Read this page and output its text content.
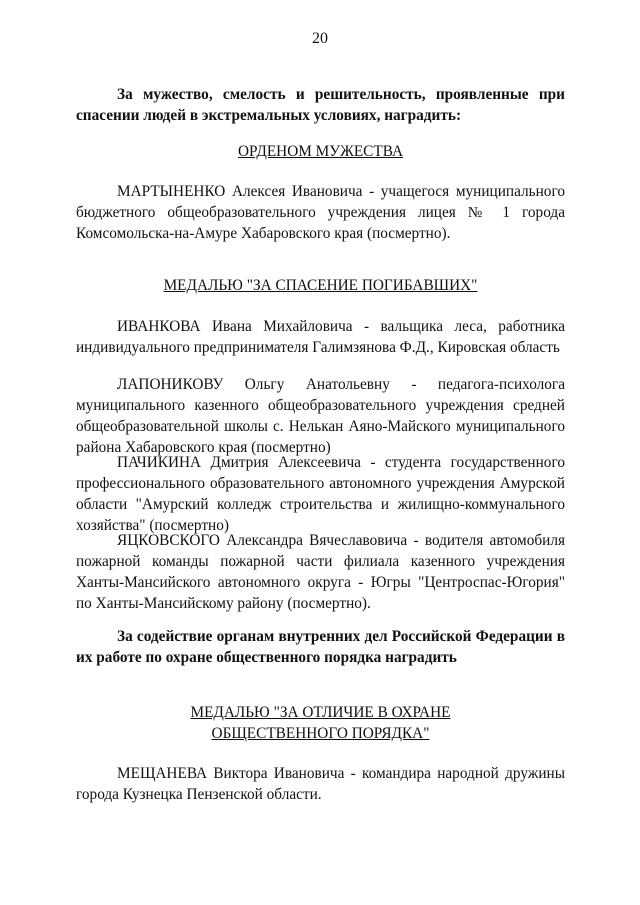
20
За мужество, смелость и решительность, проявленные при спасении людей в экстремальных условиях, наградить:
ОРДЕНОМ МУЖЕСТВА
МАРТЫНЕНКО Алексея Ивановича - учащегося муниципального бюджетного общеобразовательного учреждения лицея № 1 города Комсомольска-на-Амуре Хабаровского края (посмертно).
МЕДАЛЬЮ "ЗА СПАСЕНИЕ ПОГИБАВШИХ"
ИВАНКОВА Ивана Михайловича - вальщика леса, работника индивидуального предпринимателя Галимзянова Ф.Д., Кировская область
ЛАПОНИКОВУ Ольгу Анатольевну - педагога-психолога муниципального казенного общеобразовательного учреждения средней общеобразовательной школы с. Нелькан Аяно-Майского муниципального района Хабаровского края (посмертно)
ПАЧИКИНА Дмитрия Алексеевича - студента государственного профессионального образовательного автономного учреждения Амурской области "Амурский колледж строительства и жилищно-коммунального хозяйства" (посмертно)
ЯЦКОВСКОГО Александра Вячеславовича - водителя автомобиля пожарной команды пожарной части филиала казенного учреждения Ханты-Мансийского автономного округа - Югры "Центроспас-Югория" по Ханты-Мансийскому району (посмертно).
За содействие органам внутренних дел Российской Федерации в их работе по охране общественного порядка наградить
МЕДАЛЬЮ "ЗА ОТЛИЧИЕ В ОХРАНЕ
ОБЩЕСТВЕННОГО ПОРЯДКА"
МЕЩАНЕВА Виктора Ивановича - командира народной дружины города Кузнецка Пензенской области.
